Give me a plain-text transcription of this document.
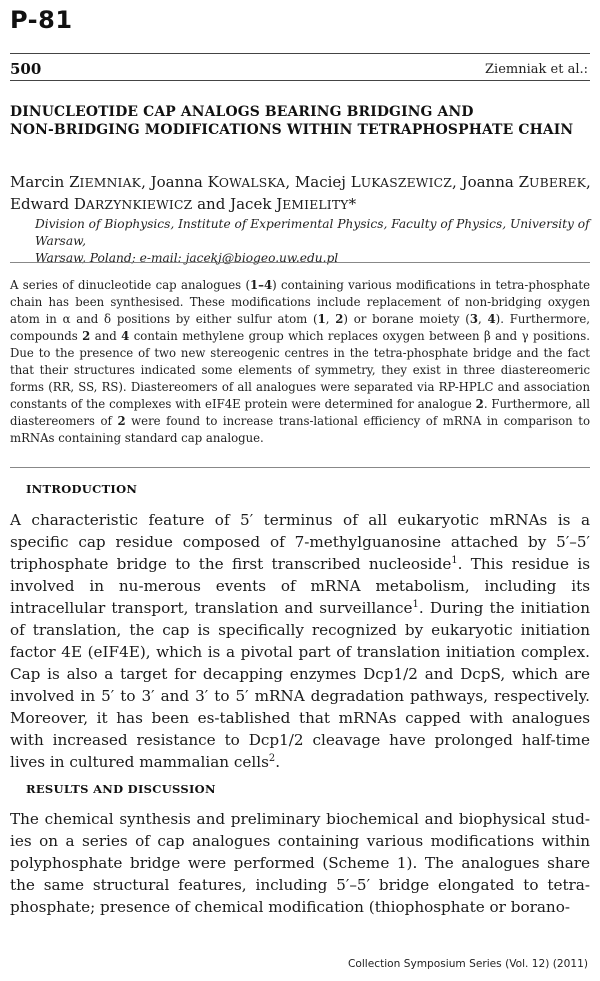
P-81
500	Ziemniak et al.:
DINUCLEOTIDE CAP ANALOGS BEARING BRIDGING AND
NON-BRIDGING MODIFICATIONS WITHIN TETRAPHOSPHATE CHAIN
Marcin ZIEMNIAK, Joanna KOWALSKA, Maciej LUKASZEWICZ, Joanna ZUBEREK,
Edward DARZYNKIEWICZ and Jacek JEMIELITY*
Division of Biophysics, Institute of Experimental Physics, Faculty of Physics, University of Warsaw,
Warsaw, Poland; e-mail: jacekj@biogeo.uw.edu.pl
A series of dinucleotide cap analogues (1–4) containing various modifications in tetra-phosphate chain has been synthesised. These modifications include replacement of non-bridging oxygen atom in α and δ positions by either sulfur atom (1, 2) or borane moiety (3, 4). Furthermore, compounds 2 and 4 contain methylene group which replaces oxygen between β and γ positions. Due to the presence of two new stereogenic centres in the tetra-phosphate bridge and the fact that their structures indicated some elements of symmetry, they exist in three diastereomeric forms (RR, SS, RS). Diastereomers of all analogues were separated via RP-HPLC and association constants of the complexes with eIF4E protein were determined for analogue 2. Furthermore, all diastereomers of 2 were found to increase trans-lational efficiency of mRNA in comparison to mRNAs containing standard cap analogue.
INTRODUCTION
A characteristic feature of 5′ terminus of all eukaryotic mRNAs is a specific cap residue composed of 7-methylguanosine attached by 5′–5′ triphosphate bridge to the first transcribed nucleoside$^1$. This residue is involved in nu-merous events of mRNA metabolism, including its intracellular transport, translation and surveillance$^1$. During the initiation of translation, the cap is specifically recognized by eukaryotic initiation factor 4E (eIF4E), which is a pivotal part of translation initiation complex. Cap is also a target for decapping enzymes Dcp1/2 and DcpS, which are involved in 5′ to 3′ and 3′ to 5′ mRNA degradation pathways, respectively. Moreover, it has been es-tablished that mRNAs capped with analogues with increased resistance to Dcp1/2 cleavage have prolonged half-time lives in cultured mammalian cells$^2$.
RESULTS AND DISCUSSION
The chemical synthesis and preliminary biochemical and biophysical stud-ies on a series of cap analogues containing various modifications within polyphosphate bridge were performed (Scheme 1). The analogues share the same structural features, including 5′–5′ bridge elongated to tetra-phosphate; presence of chemical modification (thiophosphate or borano-
Collection Symposium Series (Vol. 12) (2011)
